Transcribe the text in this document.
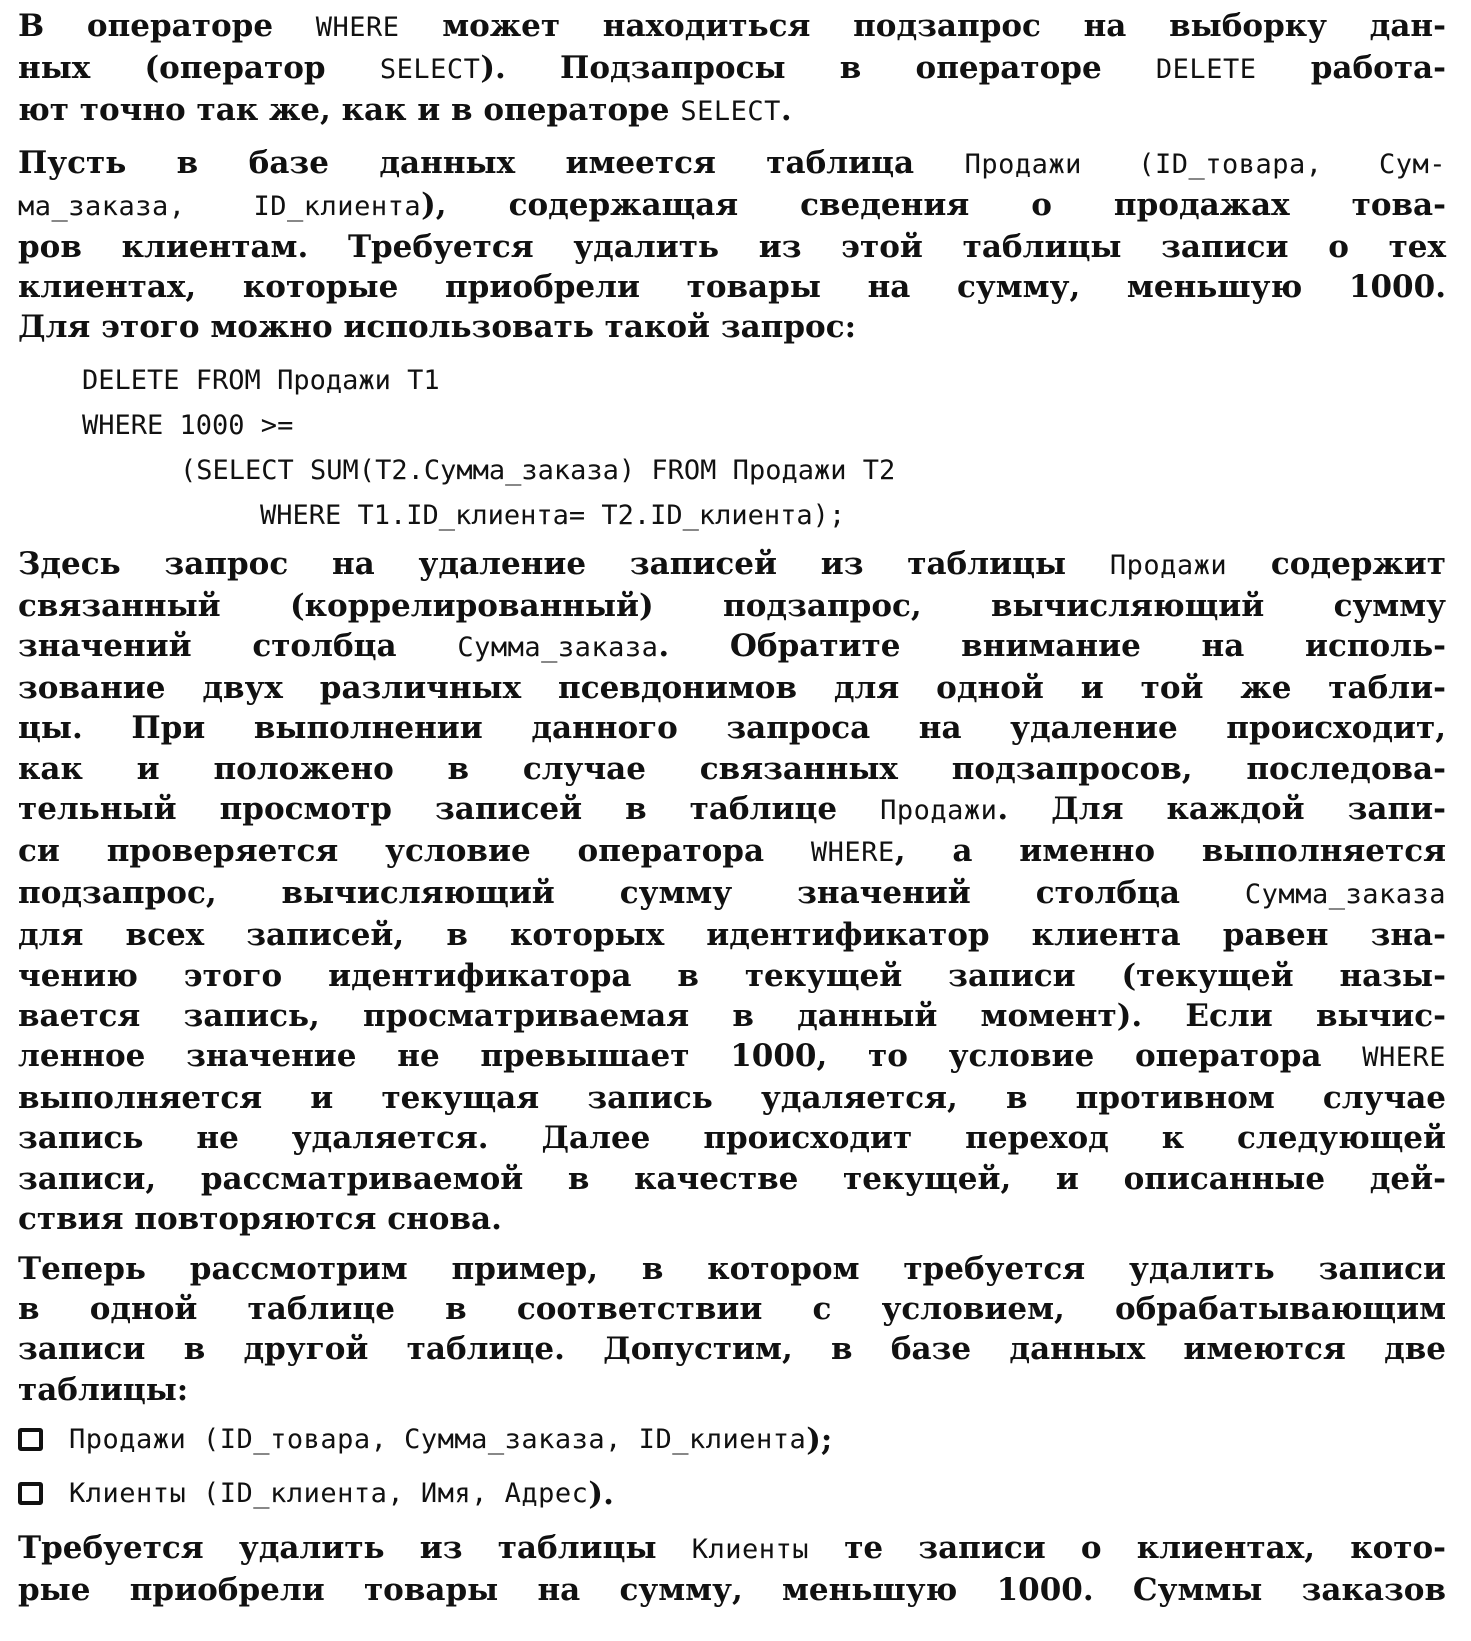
В операторе WHERE может находиться подзапрос на выборку дан-
ных (оператор SELECT). Подзапросы в операторе DELETE работа-
ют точно так же, как и в операторе SELECT.
Пусть в базе данных имеется таблица Продажи (ID_товара, Сум-
ма_заказа, ID_клиента), содержащая сведения о продажах това-
ров клиентам. Требуется удалить из этой таблицы записи о тех
клиентах, которые приобрели товары на сумму, меньшую 1000.
Для этого можно использовать такой запрос:
DELETE FROM Продажи T1
WHERE 1000 >=
(SELECT SUM(T2.Сумма_заказа) FROM Продажи T2
WHERE T1.ID_клиента= T2.ID_клиента);
Здесь запрос на удаление записей из таблицы Продажи содержит
связанный (коррелированный) подзапрос, вычисляющий сумму
значений столбца Сумма_заказа. Обратите внимание на исполь-
зование двух различных псевдонимов для одной и той же табли-
цы. При выполнении данного запроса на удаление происходит,
как и положено в случае связанных подзапросов, последова-
тельный просмотр записей в таблице Продажи. Для каждой запи-
си проверяется условие оператора WHERE, а именно выполняется
подзапрос, вычисляющий сумму значений столбца Сумма_заказа
для всех записей, в которых идентификатор клиента равен зна-
чению этого идентификатора в текущей записи (текущей назы-
вается запись, просматриваемая в данный момент). Если вычис-
ленное значение не превышает 1000, то условие оператора WHERE
выполняется и текущая запись удаляется, в противном случае
запись не удаляется. Далее происходит переход к следующей
записи, рассматриваемой в качестве текущей, и описанные дей-
ствия повторяются снова.
Теперь рассмотрим пример, в котором требуется удалить записи
в одной таблице в соответствии с условием, обрабатывающим
записи в другой таблице. Допустим, в базе данных имеются две
таблицы:
Продажи (ID_товара, Сумма_заказа, ID_клиента );
Клиенты (ID_клиента, Имя, Адрес ).
Требуется удалить из таблицы Клиенты те записи о клиентах, кото-
рые приобрели товары на сумму, меньшую 1000. Суммы заказов
